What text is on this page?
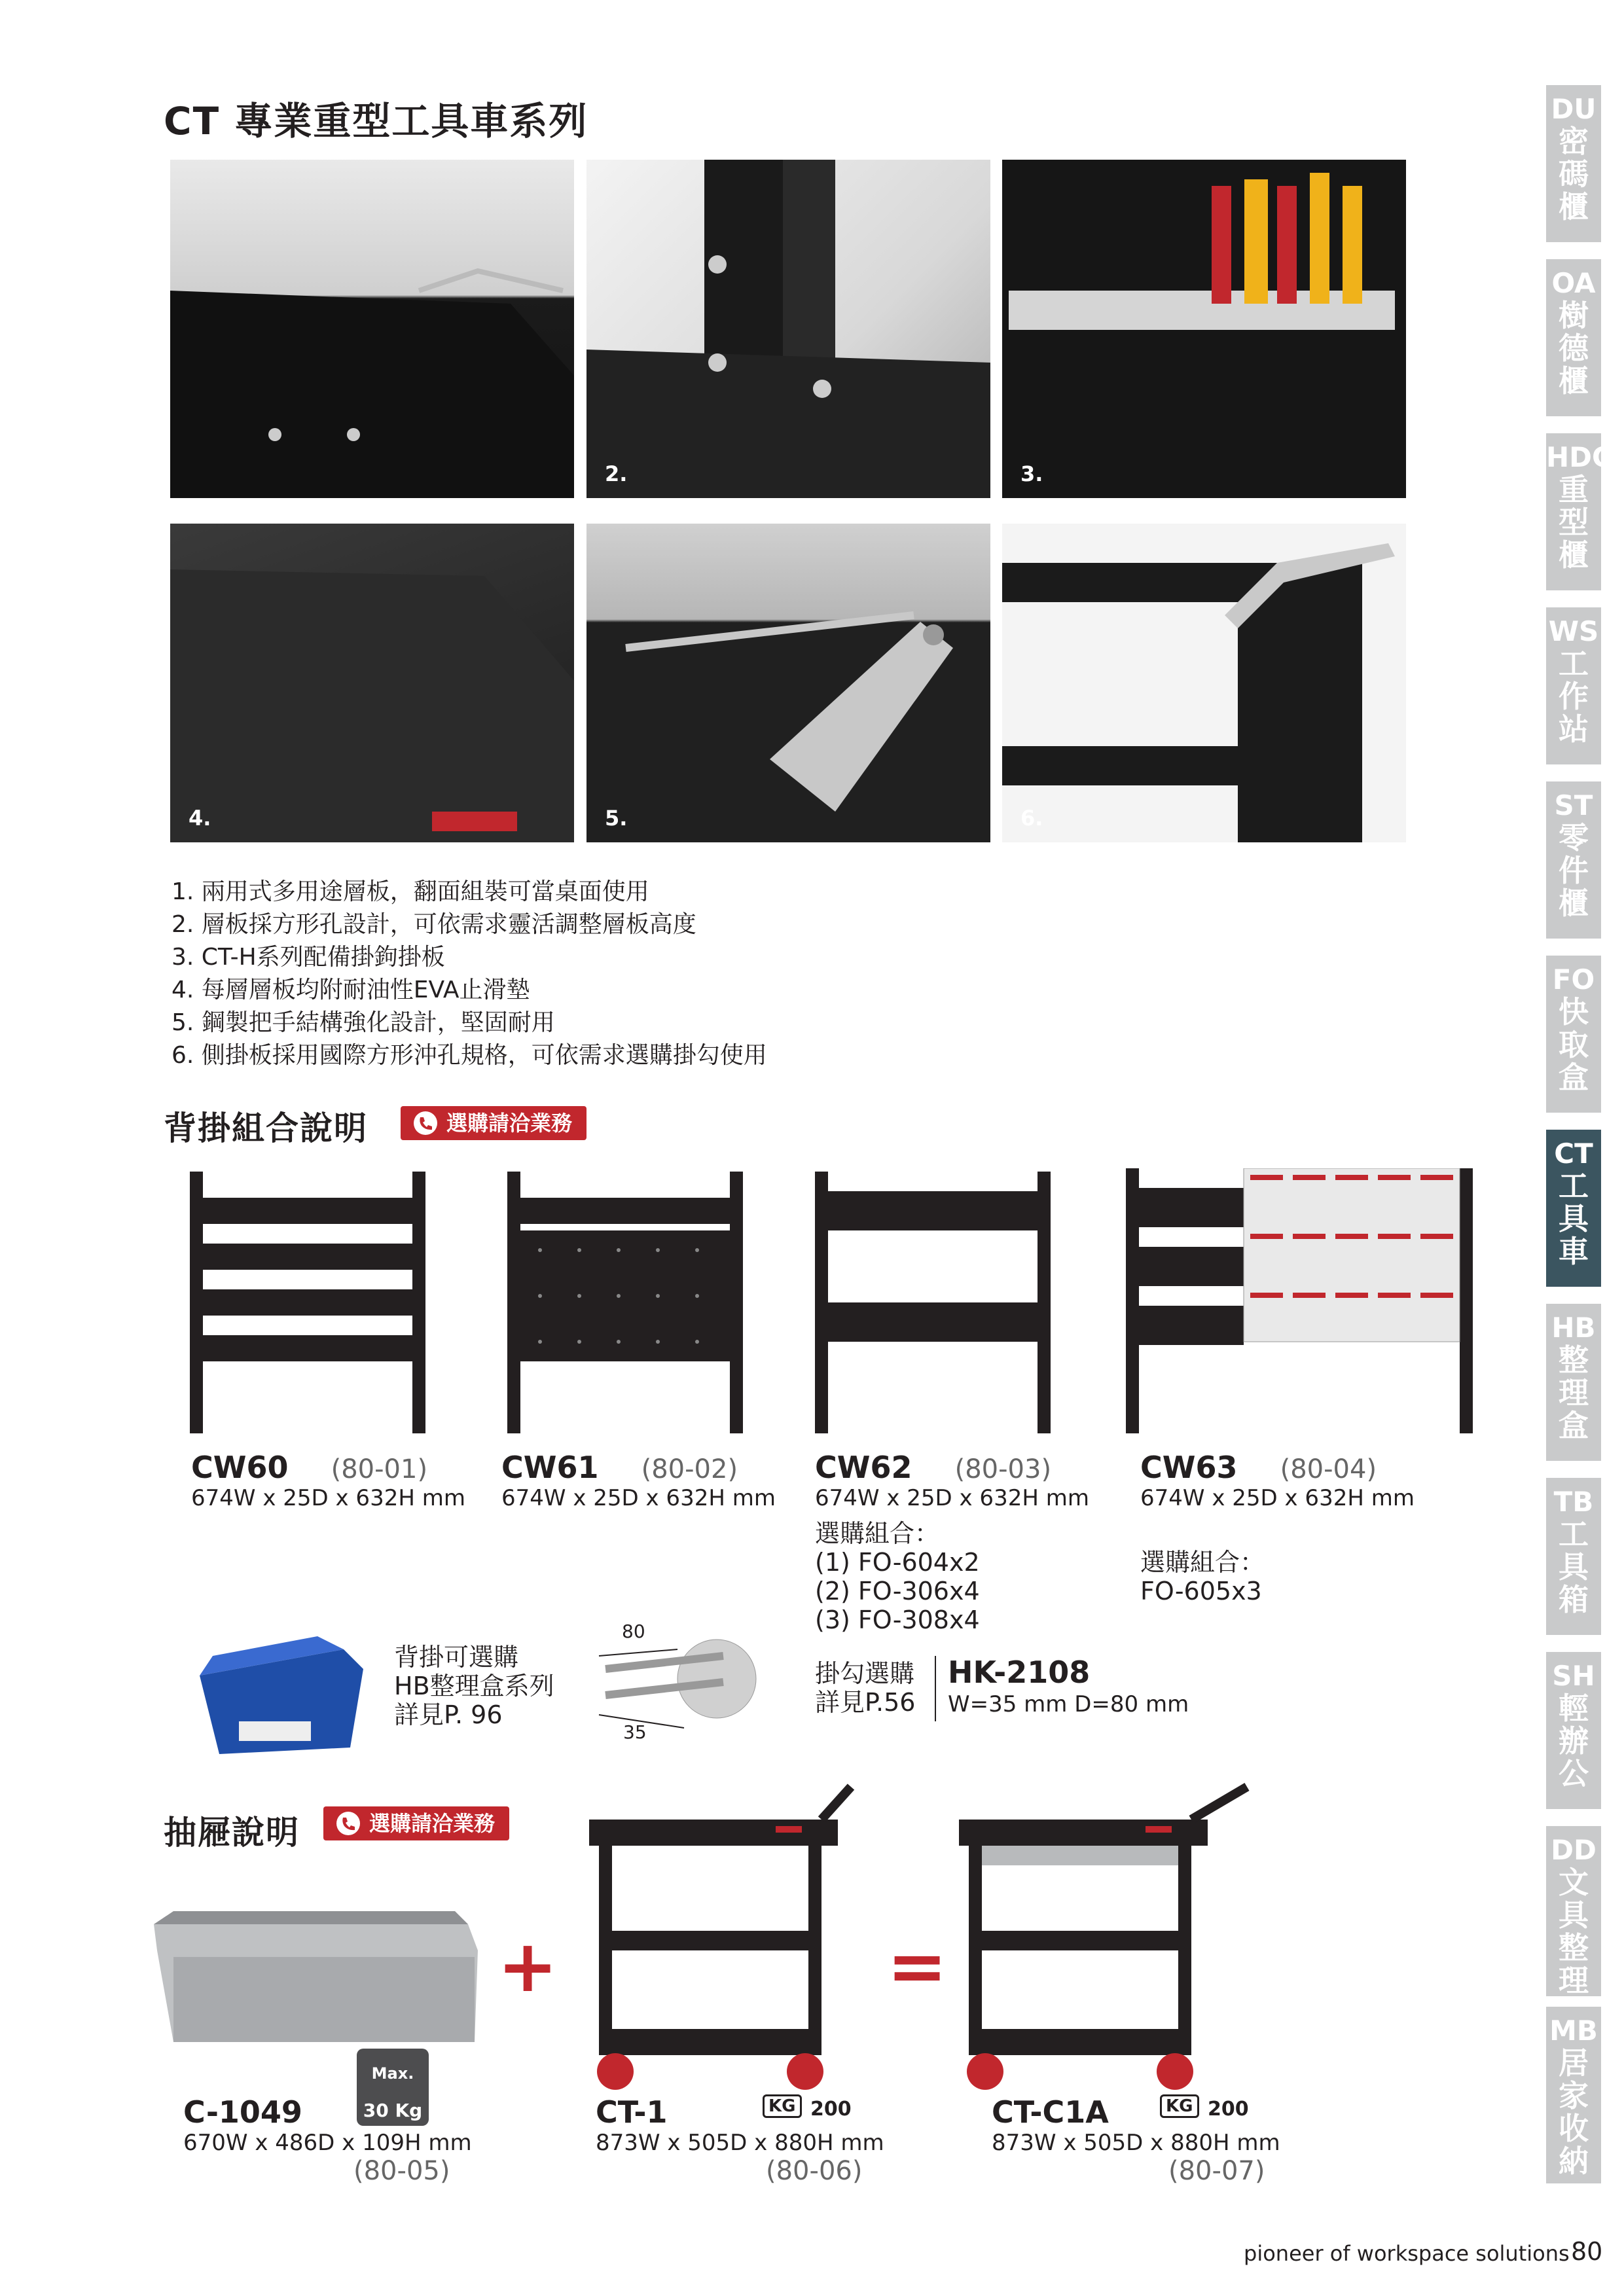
CT 專業重型工具車系列
2.	3.
4.	5.	6.
1. 兩用式多用途層板，翻面組裝可當桌面使用
2. 層板採方形孔設計，可依需求靈活調整層板高度
3. CT-H系列配備掛鉤掛板
4. 每層層板均附耐油性EVA止滑墊
5. 鋼製把手結構強化設計，堅固耐用
6. 側掛板採用國際方形沖孔規格，可依需求選購掛勾使用
背掛組合說明	選購請洽業務
CW60 (80-01)
674W x 25D x 632H mm
CW61 (80-02)
674W x 25D x 632H mm
CW62 (80-03)
674W x 25D x 632H mm
選購組合：
(1) FO-604x2
(2) FO-306x4
(3) FO-308x4
CW63 (80-04)
674W x 25D x 632H mm
選購組合：
FO-605x3
背掛可選購
HB整理盒系列
詳見P. 96
80
35
掛勾選購
詳見P.56
HK-2108
W=35 mm D=80 mm
抽屜說明	選購請洽業務
+	=
Max.
30 Kg
C-1049
670W x 486D x 109H mm
(80-05)
CT-1
873W x 505D x 880H mm
(80-06)
KG 200	CT-C1A
873W x 505D x 880H mm
(80-07)
KG 200
DU
密
碼
櫃
OA
樹
德
櫃
HDC
重
型
櫃
WS
工
作
站
ST
零
件
櫃
FO
快
取
盒
CT
工
具
車
HB
整
理
盒
TB
工
具
箱
SH
輕
辦
公
DD
文
具
整
理
MB
居
家
收
納
pioneer of workspace solutions 80
